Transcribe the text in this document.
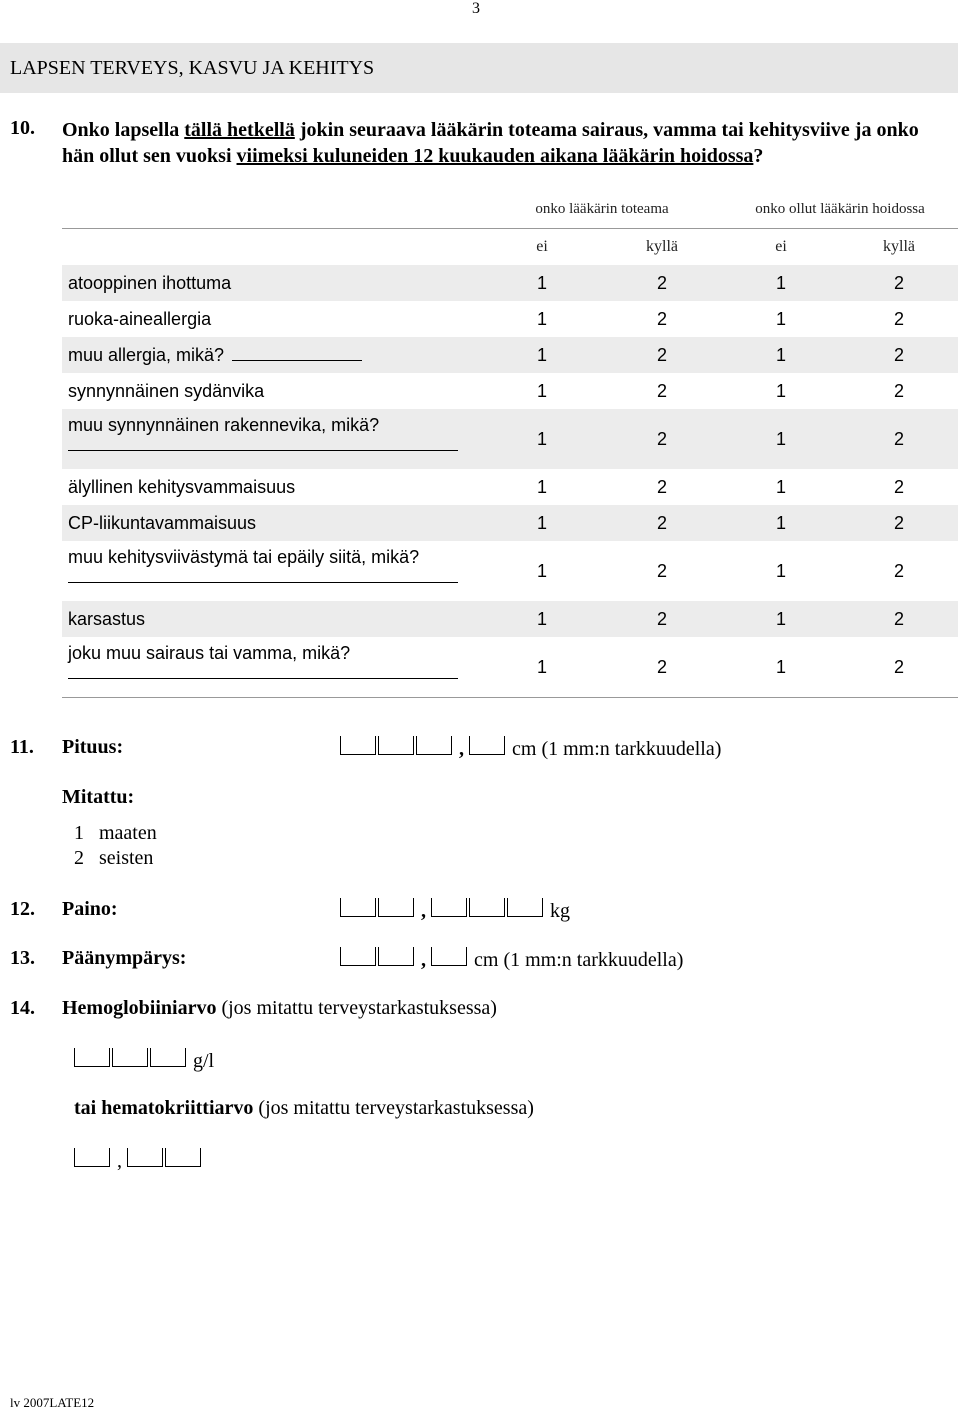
3
LAPSEN TERVEYS, KASVU JA KEHITYS
10. Onko lapsella tällä hetkellä jokin seuraava lääkärin toteama sairaus, vamma tai kehitysviive ja onko hän ollut sen vuoksi viimeksi kuluneiden 12 kuukauden aikana lääkärin hoidossa?
	onko lääkärin toteama		onko ollut lääkärin hoidossa	
	ei	kyllä	ei	kyllä
atooppinen ihottuma	1	2	1	2
ruoka-aineallergia	1	2	1	2
muu allergia, mikä?	1	2	1	2
synnynnäinen sydänvika	1	2	1	2
muu synnynnäinen rakennevika, mikä?	1	2	1	2
älyllinen kehitysvammaisuus	1	2	1	2
CP-liikuntavammaisuus	1	2	1	2
muu kehitysviivästymä tai epäily siitä, mikä?	1	2	1	2
karsastus	1	2	1	2
joku muu sairaus tai vamma, mikä?	1	2	1	2
11. Pituus:	, cm (1 mm:n tarkkuudella)
Mitattu:
1 maaten
2 seisten
12. Paino:	,	kg
13. Päänympärys:	, cm (1 mm:n tarkkuudella)
14. Hemoglobiiniarvo (jos mitattu terveystarkastuksessa)
g/l
tai hematokriittiarvo (jos mitattu terveystarkastuksessa)
,
lv 2007LATE12
